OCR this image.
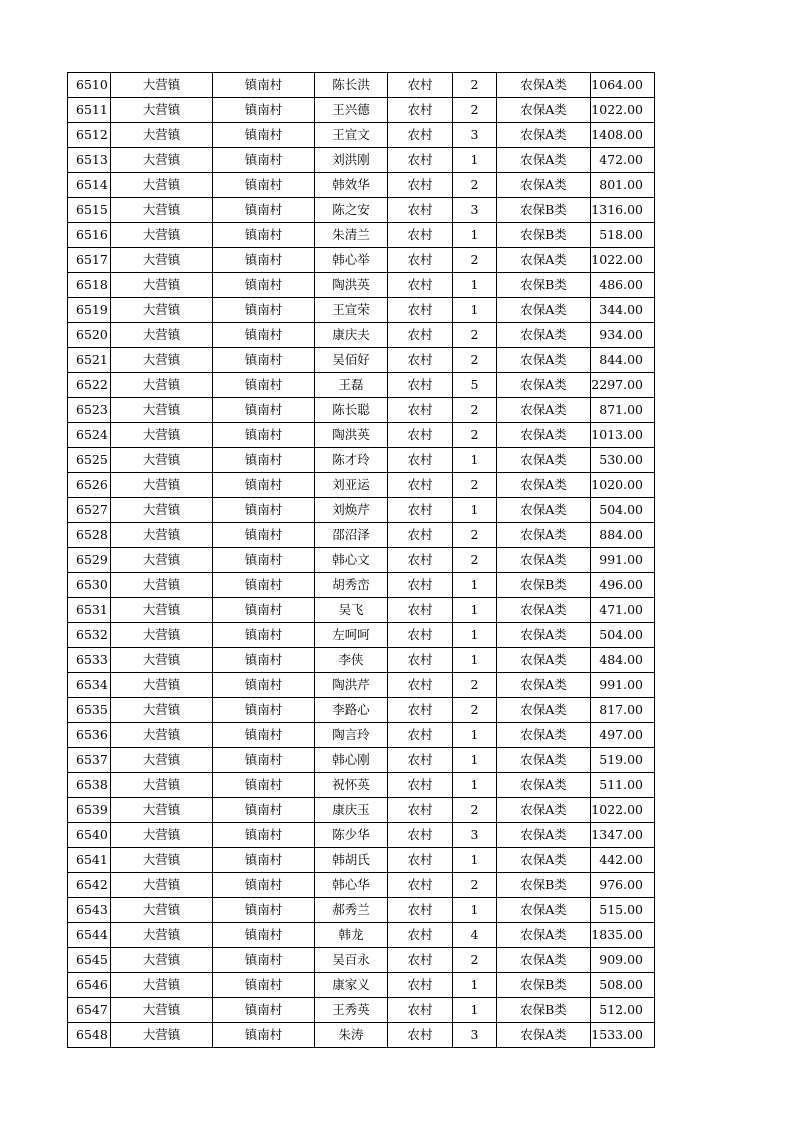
6510	大营镇	镇南村	陈长洪	农村	2	农保A类	1064.00
6511	大营镇	镇南村	王兴德	农村	2	农保A类	1022.00
6512	大营镇	镇南村	王宣文	农村	3	农保A类	1408.00
6513	大营镇	镇南村	刘洪刚	农村	1	农保A类	472.00
6514	大营镇	镇南村	韩效华	农村	2	农保A类	801.00
6515	大营镇	镇南村	陈之安	农村	3	农保B类	1316.00
6516	大营镇	镇南村	朱清兰	农村	1	农保B类	518.00
6517	大营镇	镇南村	韩心举	农村	2	农保A类	1022.00
6518	大营镇	镇南村	陶洪英	农村	1	农保B类	486.00
6519	大营镇	镇南村	王宣荣	农村	1	农保A类	344.00
6520	大营镇	镇南村	康庆夫	农村	2	农保A类	934.00
6521	大营镇	镇南村	吴佰好	农村	2	农保A类	844.00
6522	大营镇	镇南村	王磊	农村	5	农保A类	2297.00
6523	大营镇	镇南村	陈长聪	农村	2	农保A类	871.00
6524	大营镇	镇南村	陶洪英	农村	2	农保A类	1013.00
6525	大营镇	镇南村	陈才玲	农村	1	农保A类	530.00
6526	大营镇	镇南村	刘亚运	农村	2	农保A类	1020.00
6527	大营镇	镇南村	刘焕芹	农村	1	农保A类	504.00
6528	大营镇	镇南村	邵沼泽	农村	2	农保A类	884.00
6529	大营镇	镇南村	韩心文	农村	2	农保A类	991.00
6530	大营镇	镇南村	胡秀峦	农村	1	农保B类	496.00
6531	大营镇	镇南村	吴飞	农村	1	农保A类	471.00
6532	大营镇	镇南村	左呵呵	农村	1	农保A类	504.00
6533	大营镇	镇南村	李侠	农村	1	农保A类	484.00
6534	大营镇	镇南村	陶洪芹	农村	2	农保A类	991.00
6535	大营镇	镇南村	李路心	农村	2	农保A类	817.00
6536	大营镇	镇南村	陶言玲	农村	1	农保A类	497.00
6537	大营镇	镇南村	韩心刚	农村	1	农保A类	519.00
6538	大营镇	镇南村	祝怀英	农村	1	农保A类	511.00
6539	大营镇	镇南村	康庆玉	农村	2	农保A类	1022.00
6540	大营镇	镇南村	陈少华	农村	3	农保A类	1347.00
6541	大营镇	镇南村	韩胡氏	农村	1	农保A类	442.00
6542	大营镇	镇南村	韩心华	农村	2	农保B类	976.00
6543	大营镇	镇南村	郝秀兰	农村	1	农保A类	515.00
6544	大营镇	镇南村	韩龙	农村	4	农保A类	1835.00
6545	大营镇	镇南村	吴百永	农村	2	农保A类	909.00
6546	大营镇	镇南村	康家义	农村	1	农保B类	508.00
6547	大营镇	镇南村	王秀英	农村	1	农保B类	512.00
6548	大营镇	镇南村	朱涛	农村	3	农保A类	1533.00
